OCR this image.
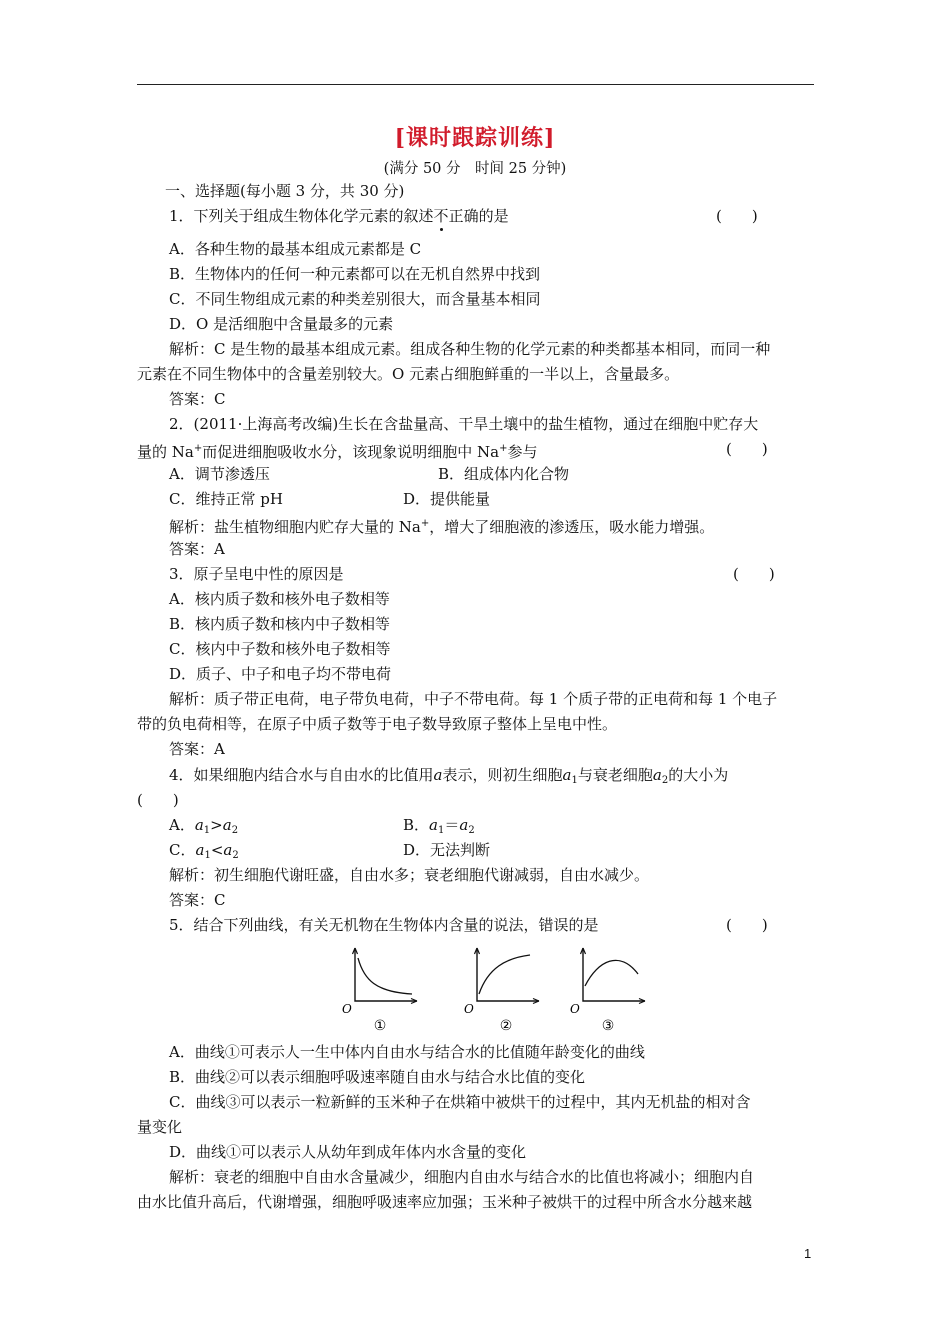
[课时跟踪训练]
(满分 50 分　时间 25 分钟)
一、选择题(每小题 3 分，共 30 分)
1．下列关于组成生物体化学元素的叙述不正确的是	(　　)
A．各种生物的最基本组成元素都是 C
B．生物体内的任何一种元素都可以在无机自然界中找到
C．不同生物组成元素的种类差别很大，而含量基本相同
D．O 是活细胞中含量最多的元素
解析：C 是生物的最基本组成元素。组成各种生物的化学元素的种类都基本相同，而同一种
元素在不同生物体中的含量差别较大。O 元素占细胞鲜重的一半以上，含量最多。
答案：C
2．(2011·上海高考改编)生长在含盐量高、干旱土壤中的盐生植物，通过在细胞中贮存大
量的 Na+而促进细胞吸收水分，该现象说明细胞中 Na+参与	(　　)
A．调节渗透压	B．组成体内化合物
C．维持正常 pH	D．提供能量
解析：盐生植物细胞内贮存大量的 Na+，增大了细胞液的渗透压，吸水能力增强。
答案：A
3．原子呈电中性的原因是	(　　)
A．核内质子数和核外电子数相等
B．核内质子数和核内中子数相等
C．核内中子数和核外电子数相等
D．质子、中子和电子均不带电荷
解析：质子带正电荷，电子带负电荷，中子不带电荷。每 1 个质子带的正电荷和每 1 个电子
带的负电荷相等，在原子中质子数等于电子数导致原子整体上呈电中性。
答案：A
4．如果细胞内结合水与自由水的比值用a表示，则初生细胞$a_1$与衰老细胞$a_2$的大小为
(　　)
A．$a_1>a_2$	B．$a_1=a_2$
C．$a_1<a_2$	D．无法判断
解析：初生细胞代谢旺盛，自由水多；衰老细胞代谢减弱，自由水减少。
答案：C
5．结合下列曲线，有关无机物在生物体内含量的说法，错误的是	(　　)
O
①
O
②
O
③
A．曲线①可表示人一生中体内自由水与结合水的比值随年龄变化的曲线
B．曲线②可以表示细胞呼吸速率随自由水与结合水比值的变化
C．曲线③可以表示一粒新鲜的玉米种子在烘箱中被烘干的过程中，其内无机盐的相对含
量变化
D．曲线①可以表示人从幼年到成年体内水含量的变化
解析：衰老的细胞中自由水含量减少，细胞内自由水与结合水的比值也将减小；细胞内自
由水比值升高后，代谢增强，细胞呼吸速率应加强；玉米种子被烘干的过程中所含水分越来越
1
